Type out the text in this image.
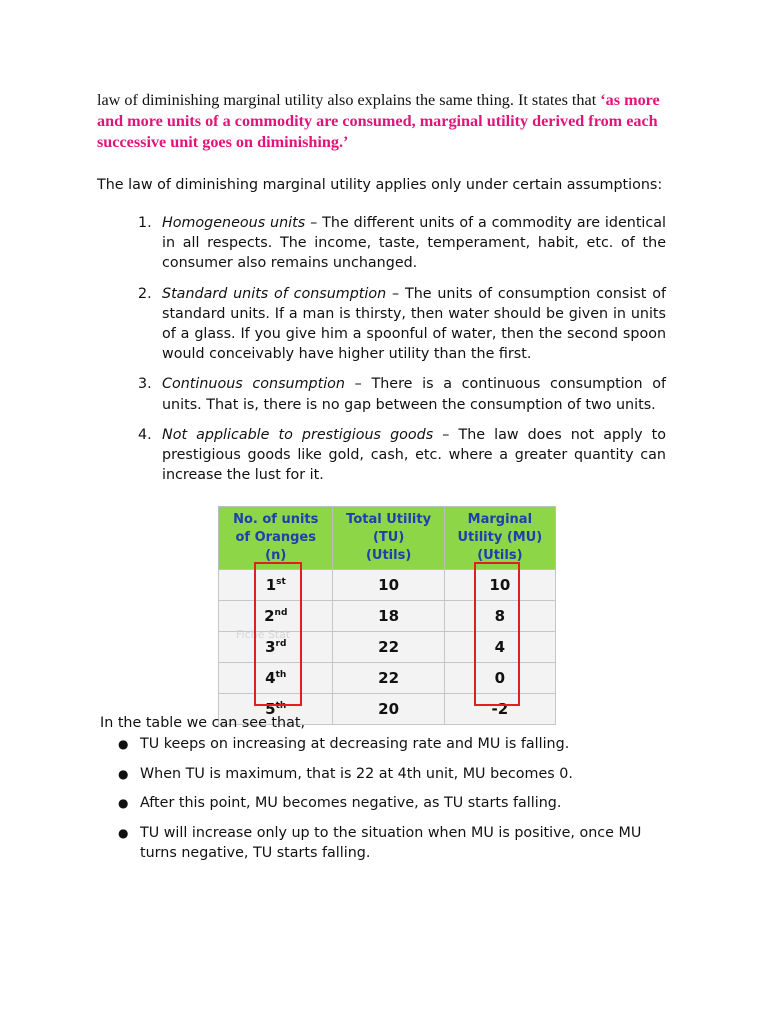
law of diminishing marginal utility also explains the same thing. It states that ‘as more and more units of a commodity are consumed, marginal utility derived from each successive unit goes on diminishing.’

The law of diminishing marginal utility applies only under certain assumptions:

1. Homogeneous units – The different units of a commodity are identical in all respects. The income, taste, temperament, habit, etc. of the consumer also remains unchanged.
2. Standard units of consumption – The units of consumption consist of standard units. If a man is thirsty, then water should be given in units of a glass. If you give him a spoonful of water, then the second spoon would conceivably have higher utility than the first.
3. Continuous consumption – There is a continuous consumption of units. That is, there is no gap between the consumption of two units.
4. Not applicable to prestigious goods – The law does not apply to prestigious goods like gold, cash, etc. where a greater quantity can increase the lust for it.
No. of units
of Oranges
(n)	Total Utility
(TU)
(Utils)	Marginal
Utility (MU)
(Utils)
1st	10	10
2nd	18	8
3rd	22	4
4th	22	0
5th	20	-2
Fiche Stat

In the table we can see that,

● TU keeps on increasing at decreasing rate and MU is falling.
● When TU is maximum, that is 22 at 4th unit, MU becomes 0.
● After this point, MU becomes negative, as TU starts falling.
● TU will increase only up to the situation when MU is positive, once MU turns negative, TU starts falling.
